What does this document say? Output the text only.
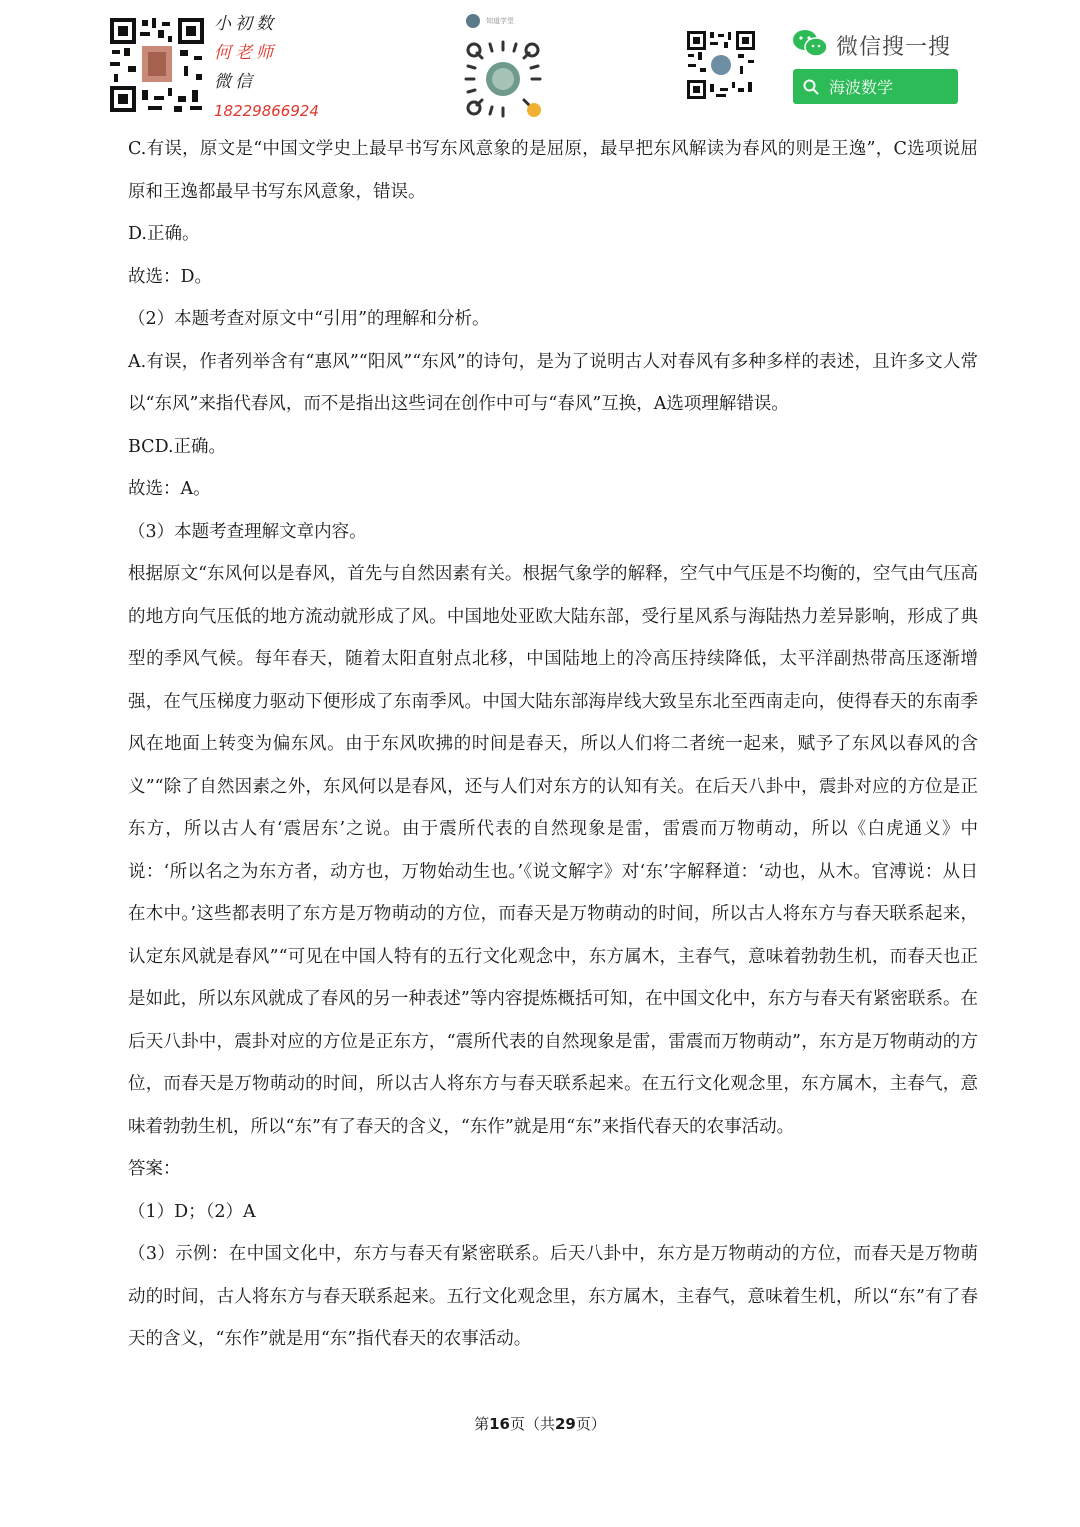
小初数
何老师
微信
18229866924
知道学堂
微信搜一搜
海波数学

C.有误，原文是“中国文学史上最早书写东风意象的是屈原，最早把东风解读为春风的则是王逸”，C选项说屈原和王逸都最早书写东风意象，错误。

D.正确。

故选：D。

（2）本题考查对原文中“引用”的理解和分析。

A.有误，作者列举含有“惠风”“阳风”“东风”的诗句，是为了说明古人对春风有多种多样的表述，且许多文人常以“东风”来指代春风，而不是指出这些词在创作中可与“春风”互换，A选项理解错误。

BCD.正确。

故选：A。

（3）本题考查理解文章内容。

根据原文“东风何以是春风，首先与自然因素有关。根据气象学的解释，空气中气压是不均衡的，空气由气压高的地方向气压低的地方流动就形成了风。中国地处亚欧大陆东部，受行星风系与海陆热力差异影响，形成了典型的季风气候。每年春天，随着太阳直射点北移，中国陆地上的冷高压持续降低，太平洋副热带高压逐渐增强，在气压梯度力驱动下便形成了东南季风。中国大陆东部海岸线大致呈东北至西南走向，使得春天的东南季风在地面上转变为偏东风。由于东风吹拂的时间是春天，所以人们将二者统一起来，赋予了东风以春风的含义”“除了自然因素之外，东风何以是春风，还与人们对东方的认知有关。在后天八卦中，震卦对应的方位是正东方，所以古人有‘震居东’之说。由于震所代表的自然现象是雷，雷震而万物萌动，所以《白虎通义》中说：‘所以名之为东方者，动方也，万物始动生也。’《说文解字》对‘东’字解释道：‘动也，从木。官溥说：从日在木中。’这些都表明了东方是万物萌动的方位，而春天是万物萌动的时间，所以古人将东方与春天联系起来，认定东风就是春风”“可见在中国人特有的五行文化观念中，东方属木，主春气，意味着勃勃生机，而春天也正是如此，所以东风就成了春风的另一种表述”等内容提炼概括可知，在中国文化中，东方与春天有紧密联系。在后天八卦中，震卦对应的方位是正东方，“震所代表的自然现象是雷，雷震而万物萌动”，东方是万物萌动的方位，而春天是万物萌动的时间，所以古人将东方与春天联系起来。在五行文化观念里，东方属木，主春气，意味着勃勃生机，所以“东”有了春天的含义，“东作”就是用“东”来指代春天的农事活动。

答案：

（1）D；（2）A

（3）示例：在中国文化中，东方与春天有紧密联系。后天八卦中，东方是万物萌动的方位，而春天是万物萌动的时间，古人将东方与春天联系起来。五行文化观念里，东方属木，主春气，意味着生机，所以“东”有了春天的含义，“东作”就是用“东”指代春天的农事活动。

第16页（共29页）
